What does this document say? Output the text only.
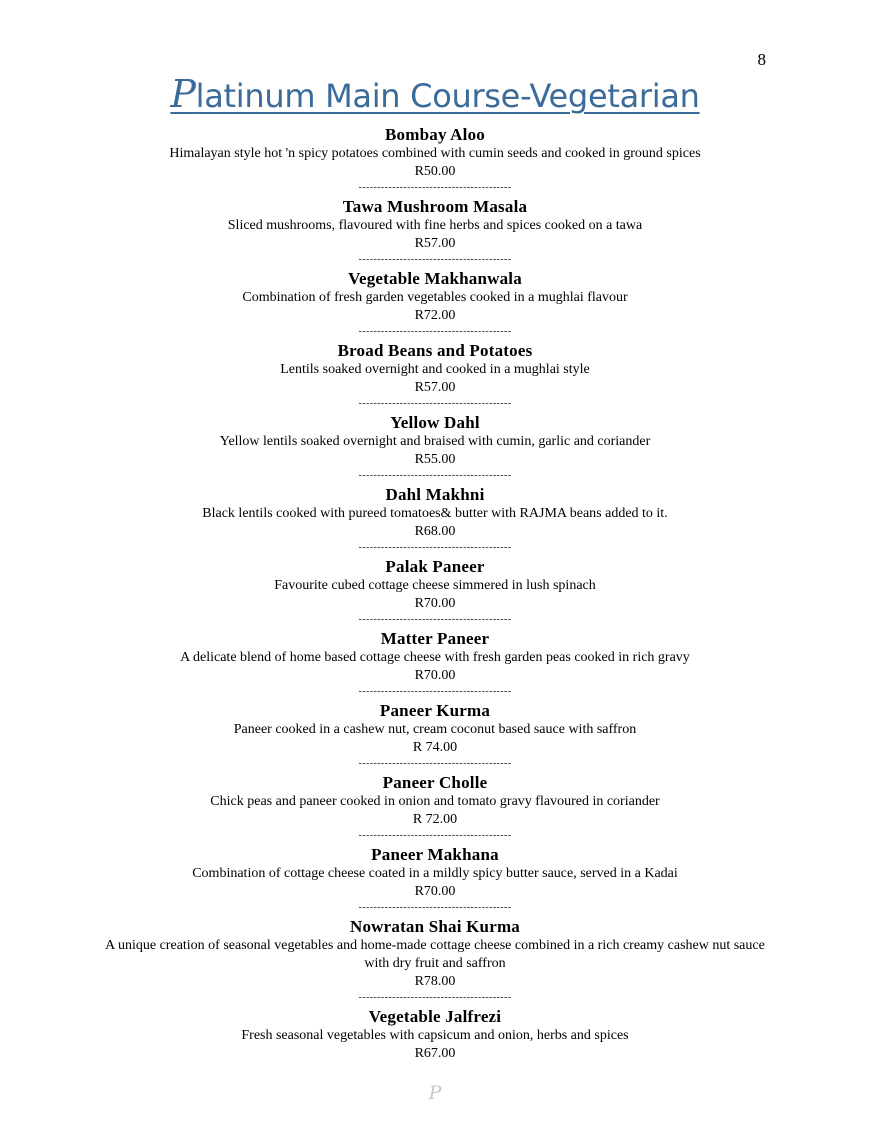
8
Platinum Main Course-Vegetarian
Bombay Aloo
Himalayan style hot 'n spicy potatoes combined with cumin seeds and cooked in ground spices
R50.00
-----------------------------------------
Tawa Mushroom Masala
Sliced mushrooms, flavoured with fine herbs and spices cooked on a tawa
R57.00
-----------------------------------------
Vegetable Makhanwala
Combination of fresh garden vegetables cooked in a mughlai flavour
R72.00
-----------------------------------------
Broad Beans and Potatoes
Lentils soaked overnight and cooked in a mughlai style
R57.00
-----------------------------------------
Yellow Dahl
Yellow lentils soaked overnight and braised with cumin, garlic and coriander
R55.00
-----------------------------------------
Dahl Makhni
Black lentils cooked with pureed tomatoes& butter with RAJMA beans added to it.
R68.00
-----------------------------------------
Palak Paneer
Favourite cubed cottage cheese simmered in lush spinach
R70.00
-----------------------------------------
Matter Paneer
A delicate blend of home based cottage cheese with fresh garden peas cooked in rich gravy
R70.00
-----------------------------------------
Paneer Kurma
Paneer cooked in a cashew nut, cream coconut based sauce with saffron
R 74.00
-----------------------------------------
Paneer Cholle
Chick peas and paneer cooked in onion and tomato gravy flavoured in coriander
R 72.00
-----------------------------------------
Paneer Makhana
Combination of cottage cheese coated in a mildly spicy butter sauce, served in a Kadai
R70.00
-----------------------------------------
Nowratan Shai Kurma
A unique creation of seasonal vegetables and home-made cottage cheese combined in a rich creamy cashew nut sauce with dry fruit and saffron
R78.00
-----------------------------------------
Vegetable Jalfrezi
Fresh seasonal vegetables with capsicum and onion, herbs and spices
R67.00
P
